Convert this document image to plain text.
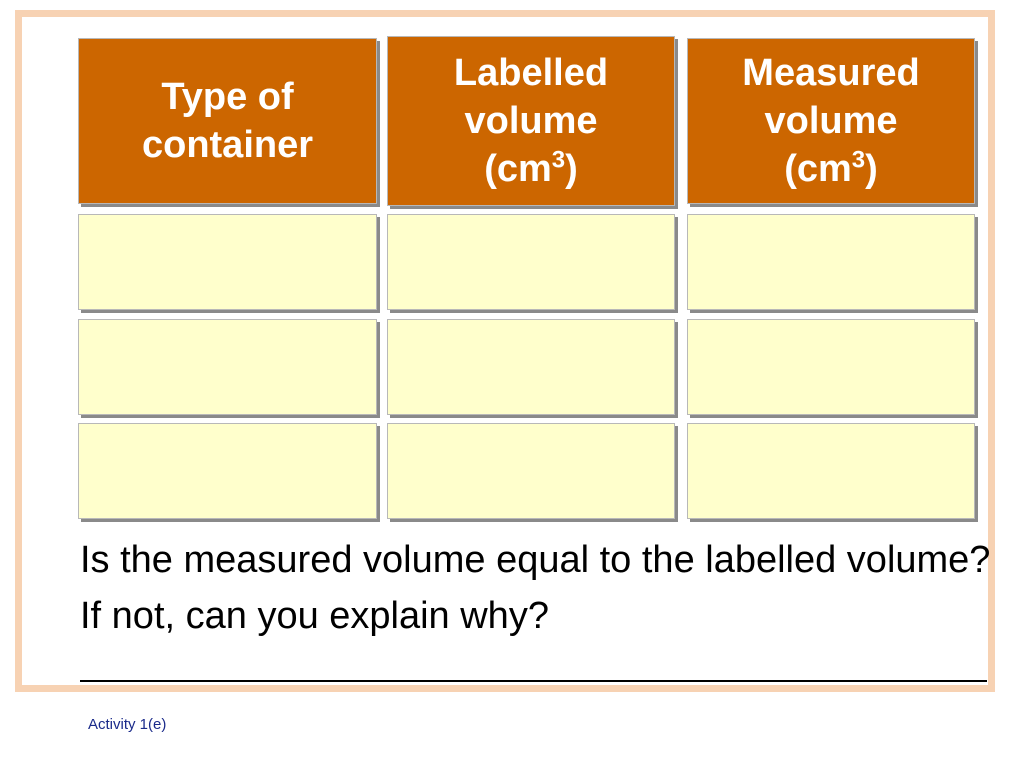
Type of
container
Labelled
volume
$(cm^3)$
Measured
volume
$(cm^3)$
Is the measured volume equal to the labelled volume? If not, can you explain why?
Activity 1(e)
